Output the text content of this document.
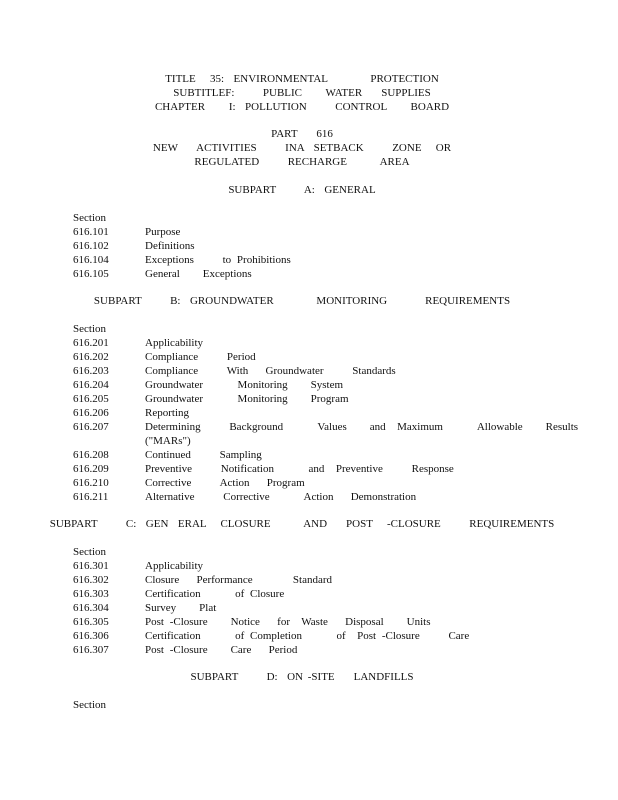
TITLE   35:  ENVIRONMENTAL         PROTECTION
SUBTITLEF:      PUBLIC     WATER    SUPPLIES
CHAPTER     I:  POLLUTION      CONTROL     BOARD
PART    616
NEW    ACTIVITIES      INA  SETBACK      ZONE   OR
REGULATED      RECHARGE       AREA
SUBPART      A:  GENERAL
Section
616.101	Purpose
616.102	Definitions
616.104	Exceptions     to Prohibitions
616.105	General    Exceptions
SUBPART      B:  GROUNDWATER         MONITORING        REQUIREMENTS
Section
616.201	Applicability
616.202	Compliance     Period
616.203	Compliance     With   Groundwater     Standards
616.204	Groundwater      Monitoring    System
616.205	Groundwater      Monitoring    Program
616.206	Reporting
616.207	Determining     Background      Values    and  Maximum      Allowable    Results
("MARs")
616.208	Continued     Sampling
616.209	Preventive     Notification      and  Preventive     Response
616.210	Corrective     Action   Program
616.211	Alternative     Corrective      Action   Demonstration
SUBPART      C:  GEN  ERAL   CLOSURE       AND    POST   -CLOSURE      REQUIREMENTS
Section
616.301	Applicability
616.302	Closure   Performance       Standard
616.303	Certification      of Closure
616.304	Survey    Plat
616.305	Post -Closure    Notice   for  Waste   Disposal    Units
616.306	Certification      of Completion      of  Post -Closure     Care
616.307	Post -Closure    Care   Period
SUBPART      D:  ON -SITE    LANDFILLS
Section
